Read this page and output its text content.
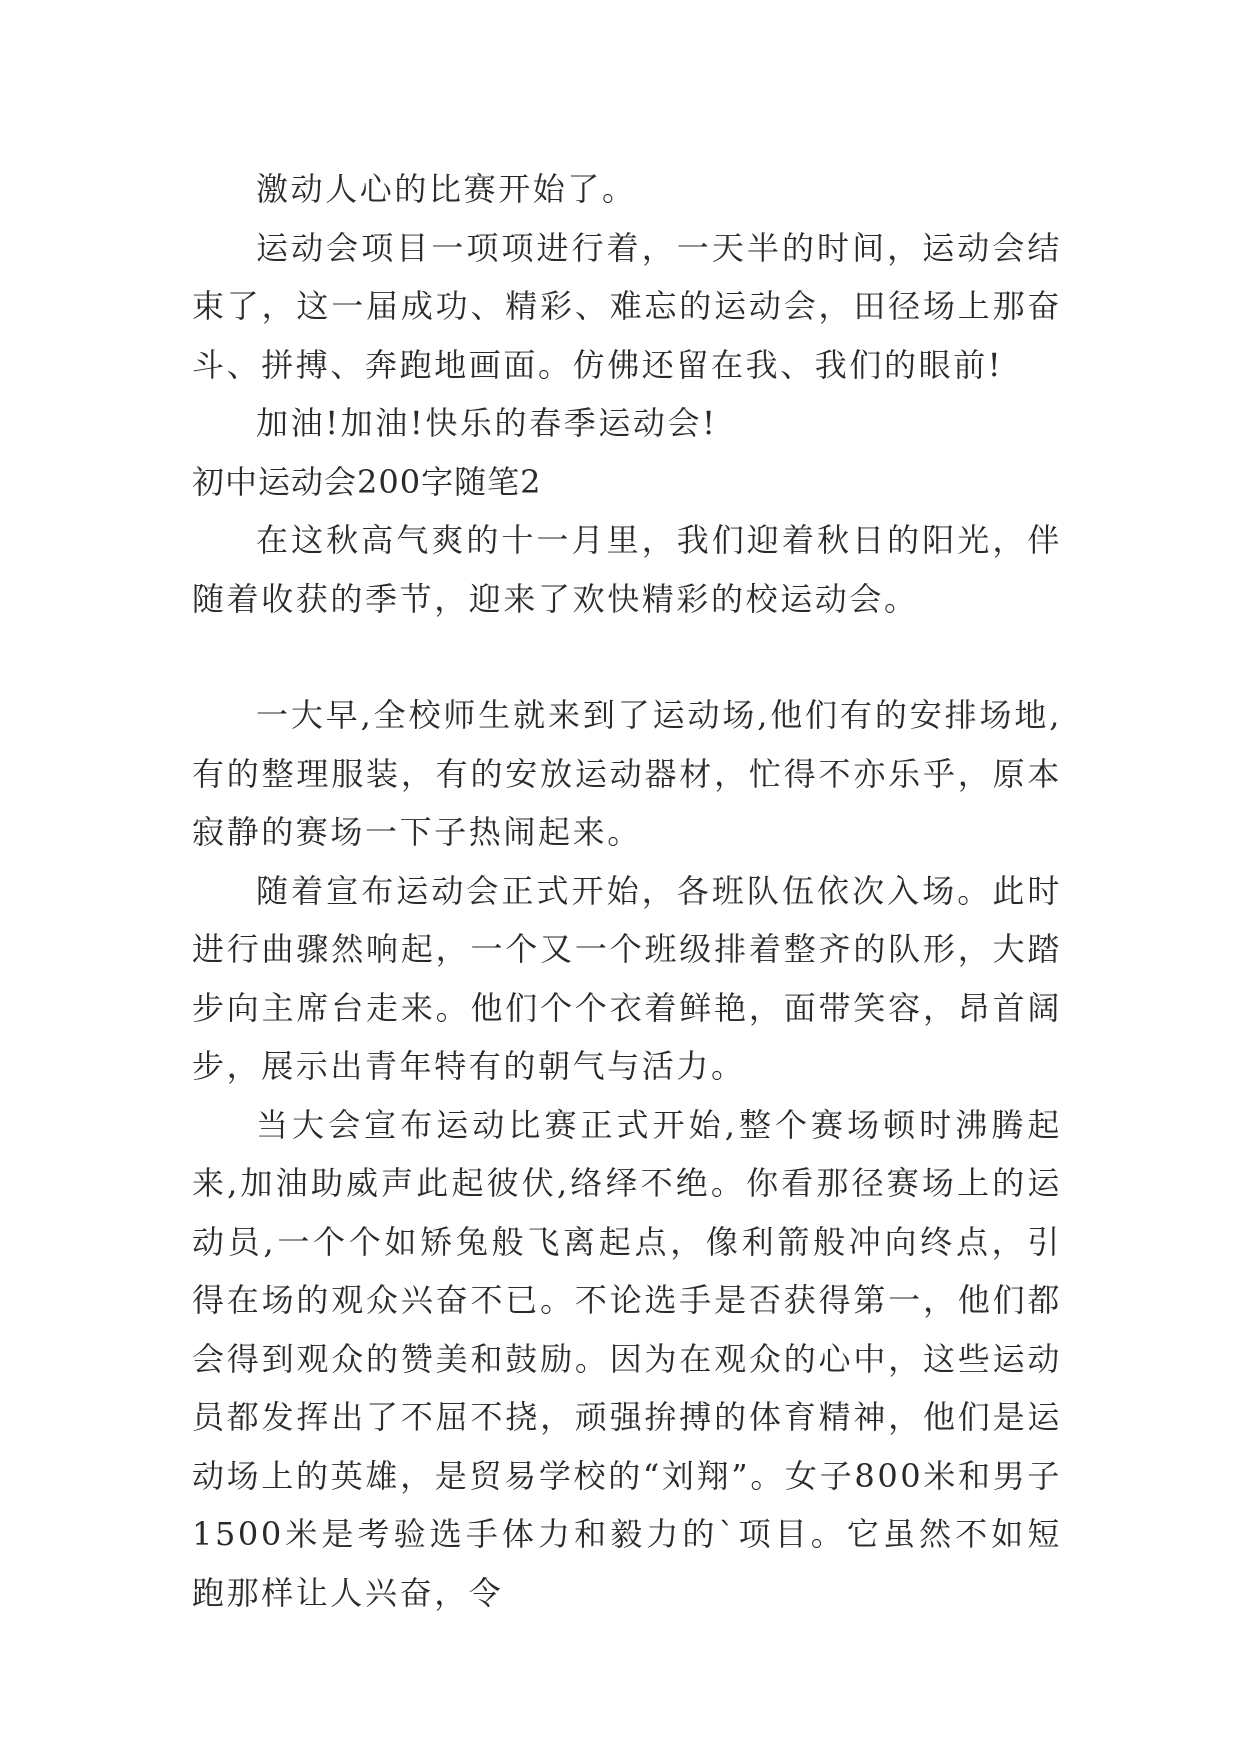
激动人心的比赛开始了。

运动会项目一项项进行着，一天半的时间，运动会结束了，这一届成功、精彩、难忘的运动会，田径场上那奋斗、拼搏、奔跑地画面。仿佛还留在我、我们的眼前!

加油!加油!快乐的春季运动会!

初中运动会200字随笔2

在这秋高气爽的十一月里，我们迎着秋日的阳光，伴随着收获的季节，迎来了欢快精彩的校运动会。

一大早,全校师生就来到了运动场,他们有的安排场地,有的整理服装，有的安放运动器材，忙得不亦乐乎，原本寂静的赛场一下子热闹起来。

随着宣布运动会正式开始，各班队伍依次入场。此时进行曲骤然响起，一个又一个班级排着整齐的队形，大踏步向主席台走来。他们个个衣着鲜艳，面带笑容，昂首阔步，展示出青年特有的朝气与活力。

当大会宣布运动比赛正式开始,整个赛场顿时沸腾起来,加油助威声此起彼伏,络绎不绝。你看那径赛场上的运动员,一个个如矫兔般飞离起点，像利箭般冲向终点，引得在场的观众兴奋不已。不论选手是否获得第一，他们都会得到观众的赞美和鼓励。因为在观众的心中，这些运动员都发挥出了不屈不挠，顽强拚搏的体育精神，他们是运动场上的英雄，是贸易学校的“刘翔”。女子800米和男子1500米是考验选手体力和毅力的`项目。它虽然不如短跑那样让人兴奋，令
